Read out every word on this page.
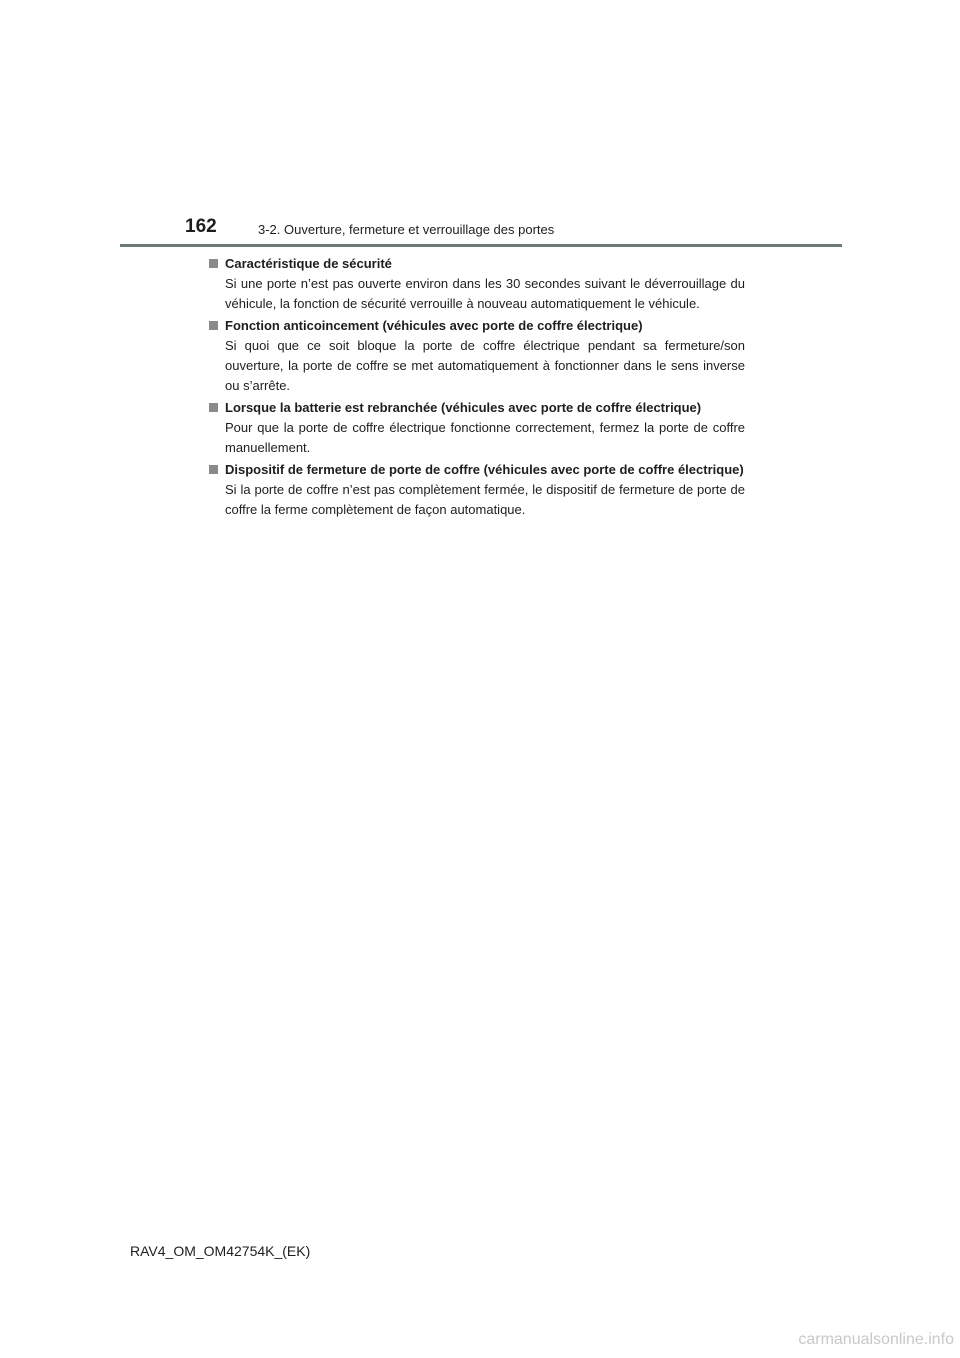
162	3-2. Ouverture, fermeture et verrouillage des portes
Caractéristique de sécurité
Si une porte n’est pas ouverte environ dans les 30 secondes suivant le déverrouillage du véhicule, la fonction de sécurité verrouille à nouveau automatiquement le véhicule.
Fonction anticoincement (véhicules avec porte de coffre électrique)
Si quoi que ce soit bloque la porte de coffre électrique pendant sa fermeture/son ouverture, la porte de coffre se met automatiquement à fonctionner dans le sens inverse ou s’arrête.
Lorsque la batterie est rebranchée (véhicules avec porte de coffre électrique)
Pour que la porte de coffre électrique fonctionne correctement, fermez la porte de coffre manuellement.
Dispositif de fermeture de porte de coffre (véhicules avec porte de coffre électrique)
Si la porte de coffre n’est pas complètement fermée, le dispositif de fermeture de porte de coffre la ferme complètement de façon automatique.
RAV4_OM_OM42754K_(EK)
carmanualsonline.info
